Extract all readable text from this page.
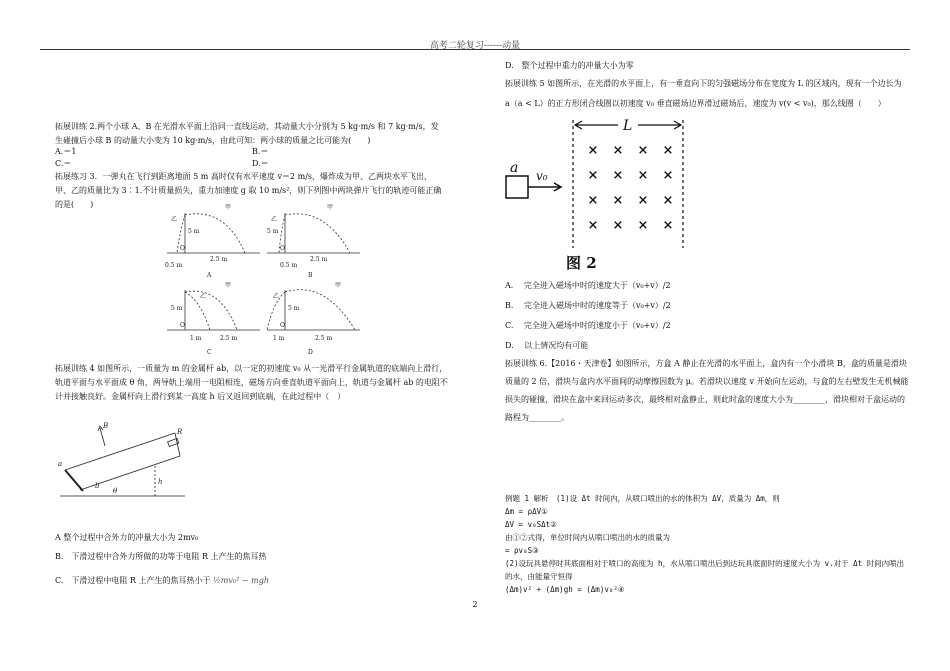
高考二轮复习------动量
拓展训练 2.两个小球 A、B 在光滑水平面上沿同一直线运动，其动量大小分别为 5 kg·m/s 和 7 kg·m/s，发生碰撞后小球 B 的动量大小变为 10 kg·m/s，由此可知：两小球的质量之比可能为(　　)
A.＝1	B.＝
C.＝	D.＝
拓展练习 3．一弹丸在飞行到距离地面 5 m 高时仅有水平速度 v＝2 m/s，爆炸成为甲、乙两块水平飞出，甲、乙的质量比为 3∶1.不计质量损失，重力加速度 g 取 10 m/s²，则下列图中两块弹片飞行的轨迹可能正确的是(　　)	甲
乙
5 m
O
0.5 m
2.5 m
A
甲
乙
5 m
O
0.5 m
2.5 m
B
甲
乙
5 m
O
1 m	2.5 m
C
甲
乙
5 m
O
1 m	2.5 m
D
拓展训练 4 如图所示，一质量为 m 的金属杆 ab，以一定的初速度 v₀ 从一光滑平行金属轨道的底端向上滑行，轨道平面与水平面成 θ 角，两导轨上端用一电阻相连，磁场方向垂直轨道平面向上，轨道与金属杆 ab 的电阻不计并接触良好。金属杆向上滑行到某一高度 h 后又返回到底端，在此过程中（　）
B
R
a
b
θ
h
A 整个过程中合外力的冲量大小为 2mv₀
B.　下滑过程中合外力所做的功等于电阻 R 上产生的焦耳热
C.　下滑过程中电阻 R 上产生的焦耳热小于 ½mv₀² − mgh
D.　整个过程中重力的冲量大小为零
拓展训练 5 如图所示，在光滑的水平面上，有一垂直向下的匀强磁场分布在宽度为 L 的区域内，现有一个边长为
a（a < L）的正方形闭合线圈以初速度 v₀ 垂直磁场边界滑过磁场后，速度为 v(v < v₀)，那么线圈（　　）
× × × ×
× × × ×
× × × ×
× × × ×
L
a v₀
图 2
A.　 完全进入磁场中时的速度大于（v₀+v）/2
B.　 完全进入磁场中时的速度等于（v₀+v）/2
C.　 完全进入磁场中时的速度小于（v₀+v）/2
D.　 以上情况均有可能
拓展训练 6.【2016・天津卷】如图所示，方盒 A 静止在光滑的水平面上，盒内有一个小滑块 B，盒的质量是滑块质量的 2 倍，滑块与盒内水平面间的动摩擦因数为 μ。若滑块以速度 v 开始向左运动，与盒的左右壁发生无机械能损失的碰撞，滑块在盒中来回运动多次，最终相对盒静止，则此时盒的速度大小为________，滑块相对于盒运动的路程为________。
例题 1 解析　(1)设 Δt 时间内，从喷口喷出的水的体积为 ΔV，质量为 Δm，则
Δm = ρΔV①
ΔV = v₀SΔt②
由①②式得，单位时间内从喷口喷出的水的质量为
= ρv₀S③
(2)设玩具悬停时其底面相对于喷口的高度为 h，水从喷口喷出后到达玩具底面时的速度大小为 v.对于 Δt 时间内喷出的水，由能量守恒得
(Δm)v² + (Δm)gh = (Δm)v₀²④
2
